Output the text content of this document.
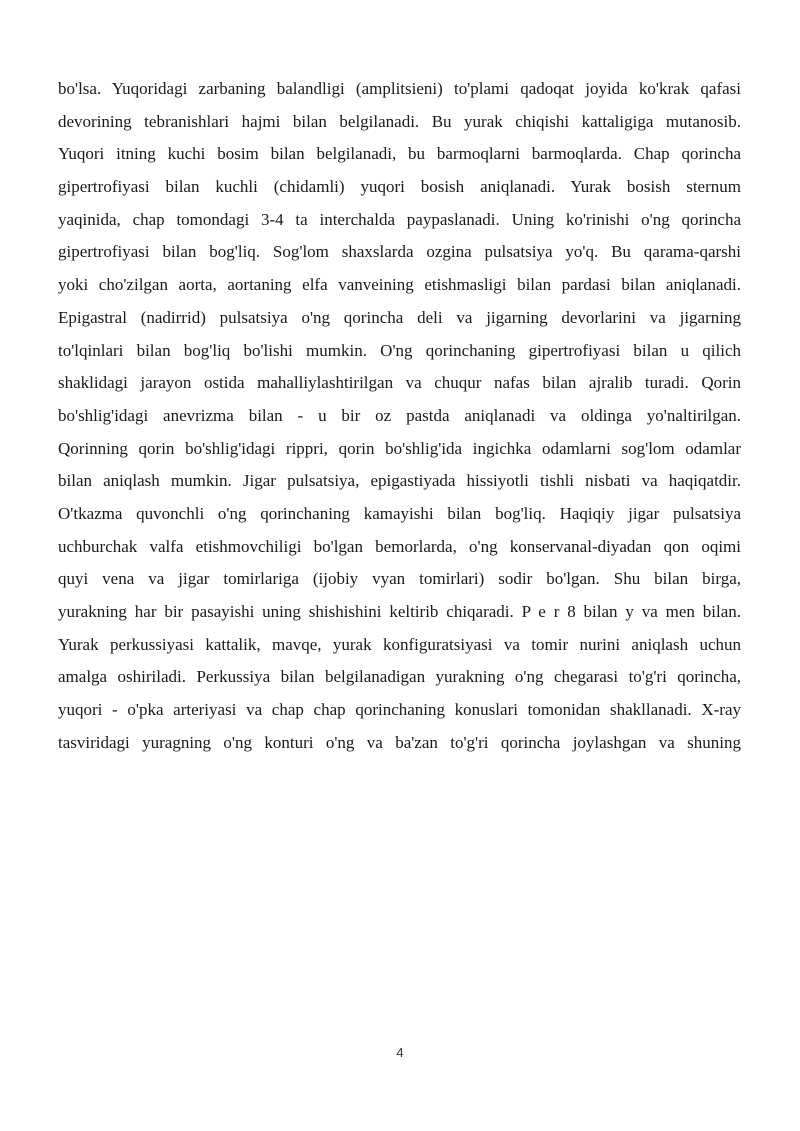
bo'lsa. Yuqoridagi zarbaning balandligi (amplitsieni) to'plami qadoqat joyida ko'krak qafasi
devorining tebranishlari hajmi bilan belgilanadi. Bu yurak chiqishi kattaligiga mutanosib.
Yuqori itning kuchi bosim bilan belgilanadi, bu barmoqlarni barmoqlarda. Chap qorincha
gipertrofiyasi bilan kuchli (chidamli) yuqori bosish aniqlanadi. Yurak bosish sternum
yaqinida, chap tomondagi 3-4 ta interchalda paypaslanadi. Uning ko'rinishi o'ng qorincha
gipertrofiyasi bilan bog'liq. Sog'lom shaxslarda ozgina pulsatsiya yo'q. Bu qarama-qarshi
yoki cho'zilgan aorta, aortaning elfa vanveining etishmasligi bilan pardasi bilan aniqlanadi.
Epigastral (nadirrid) pulsatsiya o'ng qorincha deli va jigarning devorlarini va jigarning
to'lqinlari bilan bog'liq bo'lishi mumkin. O'ng qorinchaning gipertrofiyasi bilan u qilich
shaklidagi jarayon ostida mahalliylashtirilgan va chuqur nafas bilan ajralib turadi. Qorin
bo'shlig'idagi anevrizma bilan - u bir oz pastda aniqlanadi va oldinga yo'naltirilgan.
Qorinning qorin bo'shlig'idagi rippri, qorin bo'shlig'ida ingichka odamlarni sog'lom odamlar
bilan aniqlash mumkin. Jigar pulsatsiya, epigastiyada hissiyotli tishli nisbati va haqiqatdir.
O'tkazma quvonchli o'ng qorinchaning kamayishi bilan bog'liq. Haqiqiy jigar pulsatsiya
uchburchak valfa etishmovchiligi bo'lgan bemorlarda, o'ng konservanal-diyadan qon oqimi
quyi vena va jigar tomirlariga (ijobiy vyan tomirlari) sodir bo'lgan. Shu bilan birga,
yurakning har bir pasayishi uning shishishini keltirib chiqaradi. P e r 8 bilan y va men bilan.
Yurak perkussiyasi kattalik, mavqe, yurak konfiguratsiyasi va tomir nurini aniqlash uchun
amalga oshiriladi. Perkussiya bilan belgilanadigan yurakning o'ng chegarasi to'g'ri qorincha,
yuqori - o'pka arteriyasi va chap chap qorinchaning konuslari tomonidan shakllanadi. X-ray
tasviridagi yuragning o'ng konturi o'ng va ba'zan to'g'ri qorincha joylashgan va shuning
4
